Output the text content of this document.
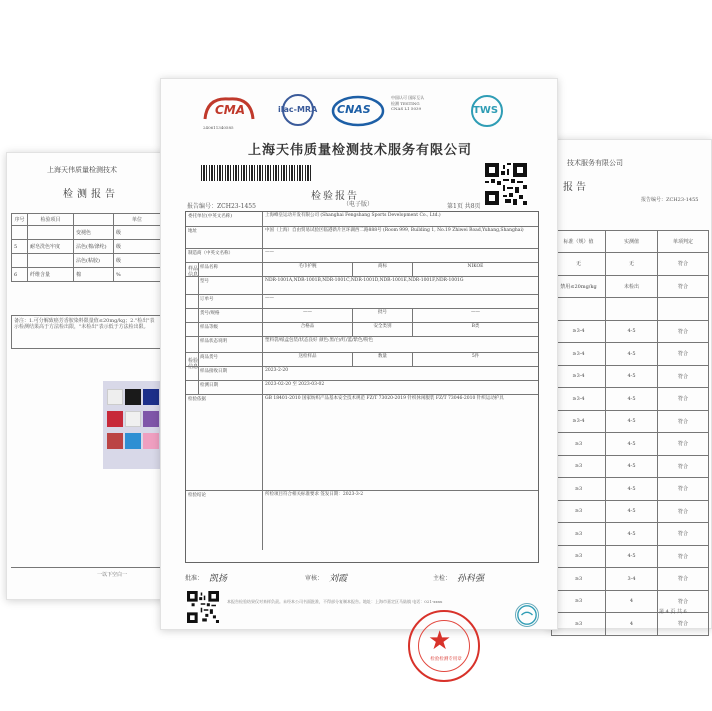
上海天伟质量检测技术
检测报告
序号	检验项目		单位
		变褪色	级
5	耐皂洗色牢度	沾色(棉/涤纶)	级
		沾色(粘胶)	级
6	纤维含量	棉	%
备注：1.可分解致癌芳香胺染料限量值≤20mg/kg；2."检出"表示检测结果高于方法检出限，"未检出"表示低于方法检出限。
一以下空白一
技术服务有限公司
报告
报告编号：ZCH23-1455
标准（规）值	实测值	单项判定
无	无	符合
禁用≤20mg/kg	未检出	符合

≥3-4	4-5	符合
≥3-4	4-5	符合
≥3-4	4-5	符合
≥3-4	4-5	符合
≥3-4	4-5	符合
≥3	4-5	符合
≥3	4-5	符合
≥3	4-5	符合
≥3	4-5	符合
≥3	4-5	符合
≥3	4-5	符合
≥3	3-4	符合
≥3	4	符合
≥3	4	符合
第 4 页 共 6
CMA
240611340585
ilac-MRA CNAS
中国认可 国际互认 检测 TESTING CNAS L1 5039	TWS
上海天伟质量检测技术服务有限公司
检验报告
（电子版）
报告编号：ZCH23-1455	第1页 共8页
样品信息
检验信息
委托单位(中英文名称)	上海峰皇运动开发有限公司 (Shanghai Fengshang Sports Development Co., Ltd.)
地址	中国（上海）自由贸易试验区临港新片区环湖西二路888号 (Room 999, Building 1, No.19 Zhiwei Road,Yuhang,Shanghai)
制造商（中英文名称）	——
样品名称	毛巾护腕	商标	NIKOE
型号	NDR-1001A,NDR-1001B,NDR-1001C,NDR-1001D,NDR-1001E,NDR-1001F,NDR-1001G
订单号	——
货号/规格	——	批号	——
样品等级	合格品	安全类别	B类
样品状态说明	塑料袋/纸盒包装/状态良好 颜色:黑/白/红/蓝/紫色/粉色
商品货号	送检样品	数量	5件
样品接收日期	2023-2-20
检测日期	2023-02-20 至 2023-03-02
检验依据	GB 18401-2010 国家纺织产品基本安全技术规范 FZ/T 73020-2019 针织休闲服装 FZ/T 73046-2010 针织运动护具
检验结论	所检项目符合相关标准要求 签发日期：2023-3-2
★
检验检测专用章
批准： 凯扬	审核： 刘霞	主检： 孙科强
本报告检验结果仅对来样负责。未经本公司书面批准，不得部分复制本报告。地址：上海市嘉定区马陆镇 电话：021-xxxx
